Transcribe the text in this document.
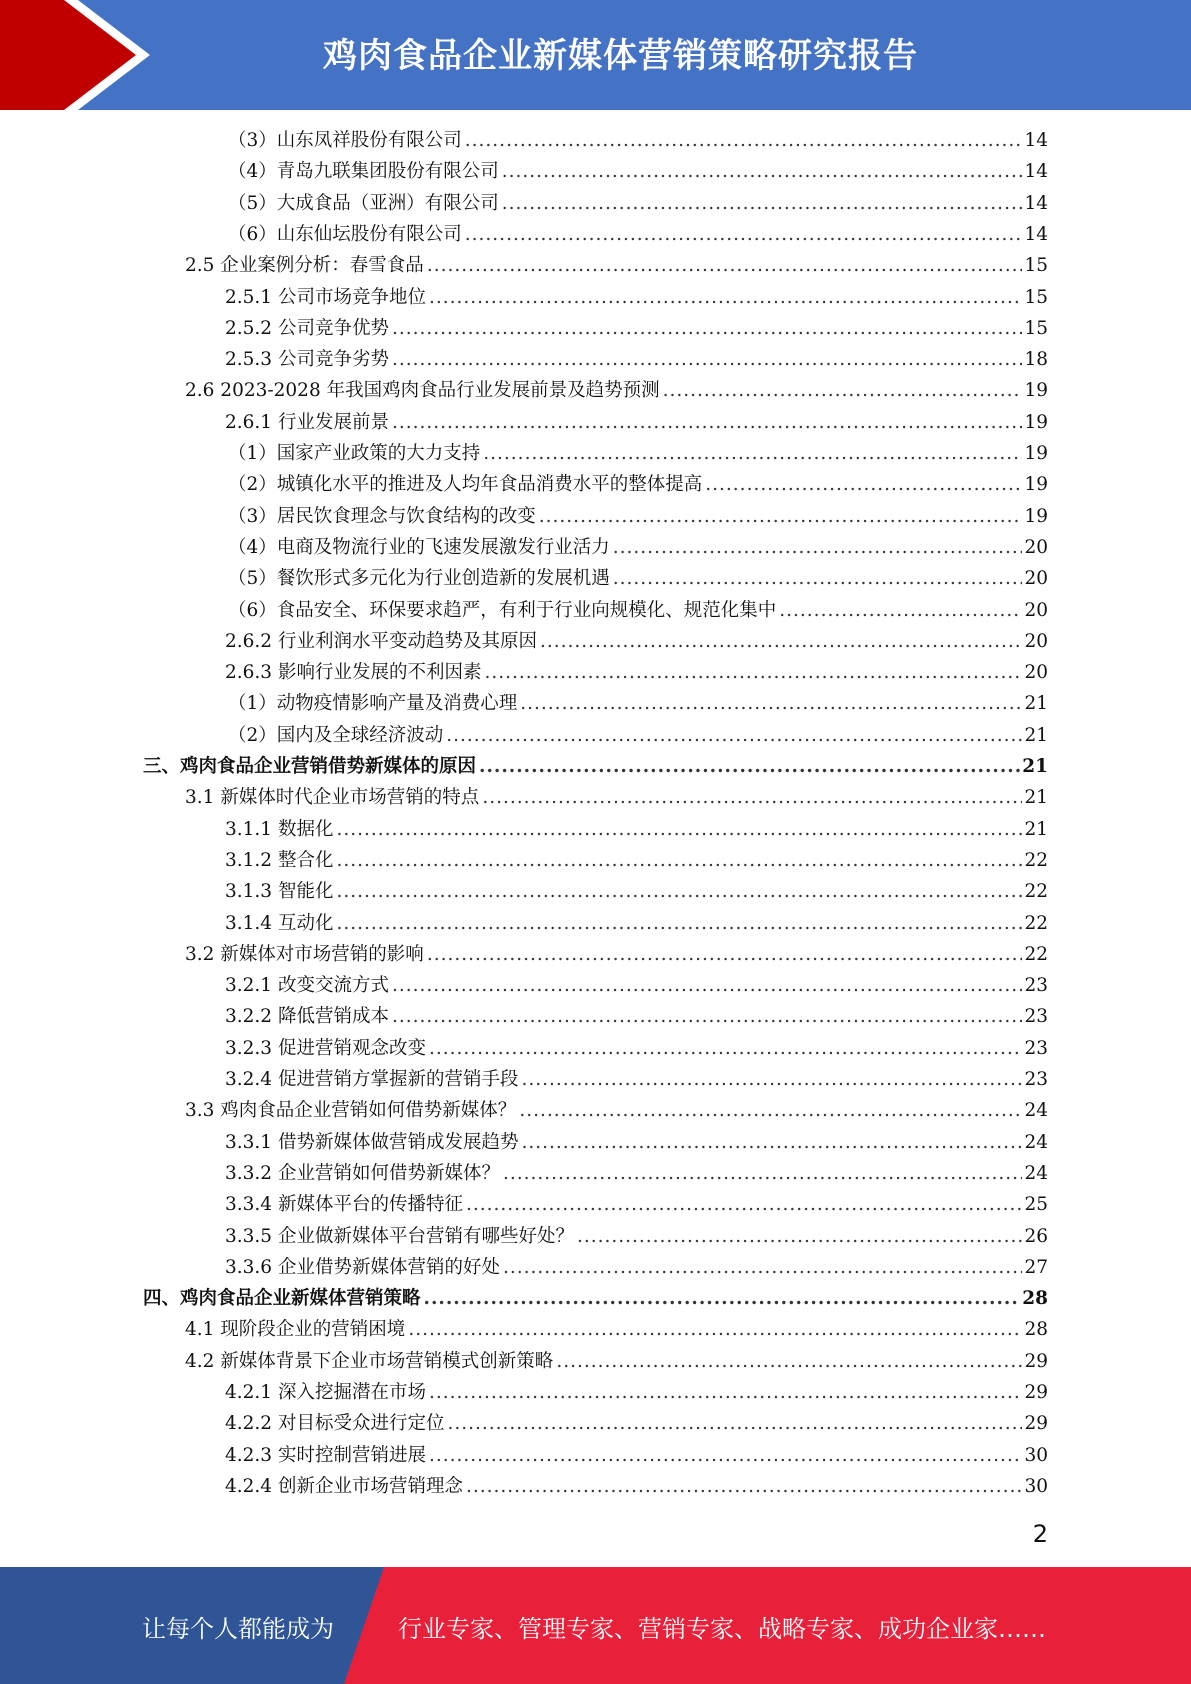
鸡肉食品企业新媒体营销策略研究报告
（3）山东凤祥股份有限公司 .....	14
（4）青岛九联集团股份有限公司 .....	14
（5）大成食品（亚洲）有限公司 .....	14
（6）山东仙坛股份有限公司 .....	14
2.5 企业案例分析：春雪食品 .....	15
2.5.1 公司市场竞争地位 .....	15
2.5.2 公司竞争优势 .....	15
2.5.3 公司竞争劣势 .....	18
2.6 2023-2028 年我国鸡肉食品行业发展前景及趋势预测 .....	19
2.6.1 行业发展前景 .....	19
（1）国家产业政策的大力支持 .....	19
（2）城镇化水平的推进及人均年食品消费水平的整体提高 .....	19
（3）居民饮食理念与饮食结构的改变 .....	19
（4）电商及物流行业的飞速发展激发行业活力 .....	20
（5）餐饮形式多元化为行业创造新的发展机遇 .....	20
（6）食品安全、环保要求趋严，有利于行业向规模化、规范化集中 .....	20
2.6.2 行业利润水平变动趋势及其原因 .....	20
2.6.3 影响行业发展的不利因素 .....	20
（1）动物疫情影响产量及消费心理 .....	21
（2）国内及全球经济波动 .....	21
三、鸡肉食品企业营销借势新媒体的原因 .....	21
3.1 新媒体时代企业市场营销的特点 .....	21
3.1.1 数据化 .....	21
3.1.2 整合化 .....	22
3.1.3 智能化 .....	22
3.1.4 互动化 .....	22
3.2 新媒体对市场营销的影响 .....	22
3.2.1 改变交流方式 .....	23
3.2.2 降低营销成本 .....	23
3.2.3 促进营销观念改变 .....	23
3.2.4 促进营销方掌握新的营销手段 .....	23
3.3 鸡肉食品企业营销如何借势新媒体？ .....	24
3.3.1 借势新媒体做营销成发展趋势 .....	24
3.3.2 企业营销如何借势新媒体？ .....	24
3.3.4 新媒体平台的传播特征 .....	25
3.3.5 企业做新媒体平台营销有哪些好处？ .....	26
3.3.6 企业借势新媒体营销的好处 .....	27
四、鸡肉食品企业新媒体营销策略 .....	28
4.1 现阶段企业的营销困境 .....	28
4.2 新媒体背景下企业市场营销模式创新策略 .....	29
4.2.1 深入挖掘潜在市场 .....	29
4.2.2 对目标受众进行定位 .....	29
4.2.3 实时控制营销进展 .....	30
4.2.4 创新企业市场营销理念 .....	30
2
让每个人都能成为	行业专家、管理专家、营销专家、战略专家、成功企业家……
